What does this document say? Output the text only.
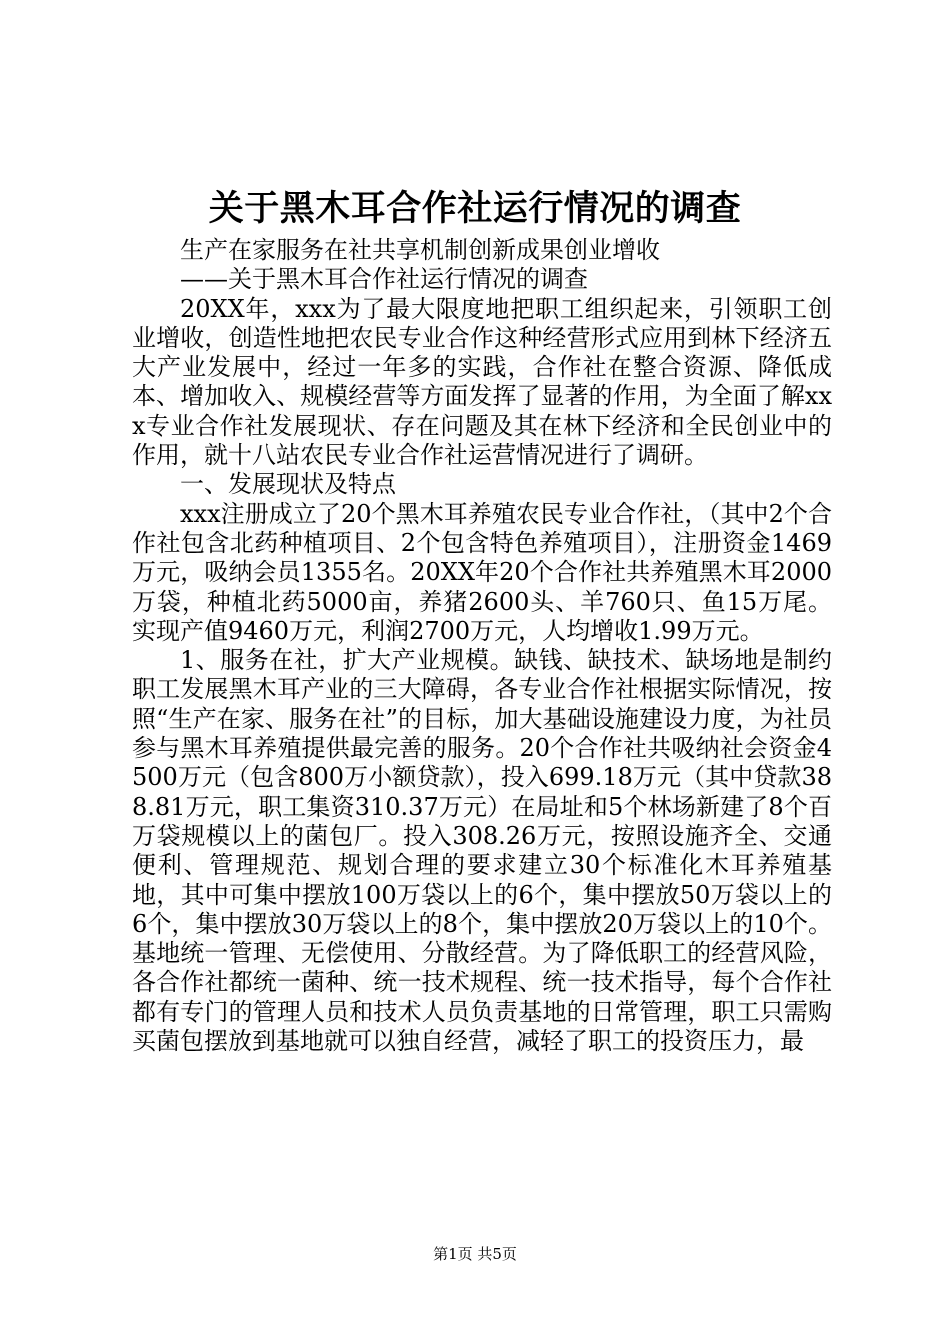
关于黑木耳合作社运行情况的调查

生产在家服务在社共享机制创新成果创业增收

——关于黑木耳合作社运行情况的调查

20XX年，xxx为了最大限度地把职工组织起来，引领职工创业增收，创造性地把农民专业合作这种经营形式应用到林下经济五大产业发展中，经过一年多的实践，合作社在整合资源、降低成本、增加收入、规模经营等方面发挥了显著的作用，为全面了解xxx专业合作社发展现状、存在问题及其在林下经济和全民创业中的作用，就十八站农民专业合作社运营情况进行了调研。

一、发展现状及特点

xxx注册成立了20个黑木耳养殖农民专业合作社，（其中2个合作社包含北药种植项目、2个包含特色养殖项目），注册资金1469万元，吸纳会员1355名。20XX年20个合作社共养殖黑木耳2000万袋，种植北药5000亩，养猪2600头、羊760只、鱼15万尾。实现产值9460万元，利润2700万元，人均增收1.99万元。

1、服务在社，扩大产业规模。缺钱、缺技术、缺场地是制约职工发展黑木耳产业的三大障碍，各专业合作社根据实际情况，按照“生产在家、服务在社”的目标，加大基础设施建设力度，为社员参与黑木耳养殖提供最完善的服务。20个合作社共吸纳社会资金4500万元（包含800万小额贷款），投入699.18万元（其中贷款388.81万元，职工集资310.37万元）在局址和5个林场新建了8个百万袋规模以上的菌包厂。投入308.26万元，按照设施齐全、交通便利、管理规范、规划合理的要求建立30个标准化木耳养殖基地，其中可集中摆放100万袋以上的6个，集中摆放50万袋以上的6个，集中摆放30万袋以上的8个，集中摆放20万袋以上的10个。基地统一管理、无偿使用、分散经营。为了降低职工的经营风险，各合作社都统一菌种、统一技术规程、统一技术指导，每个合作社都有专门的管理人员和技术人员负责基地的日常管理，职工只需购买菌包摆放到基地就可以独自经营，减轻了职工的投资压力，最

第1页 共5页
